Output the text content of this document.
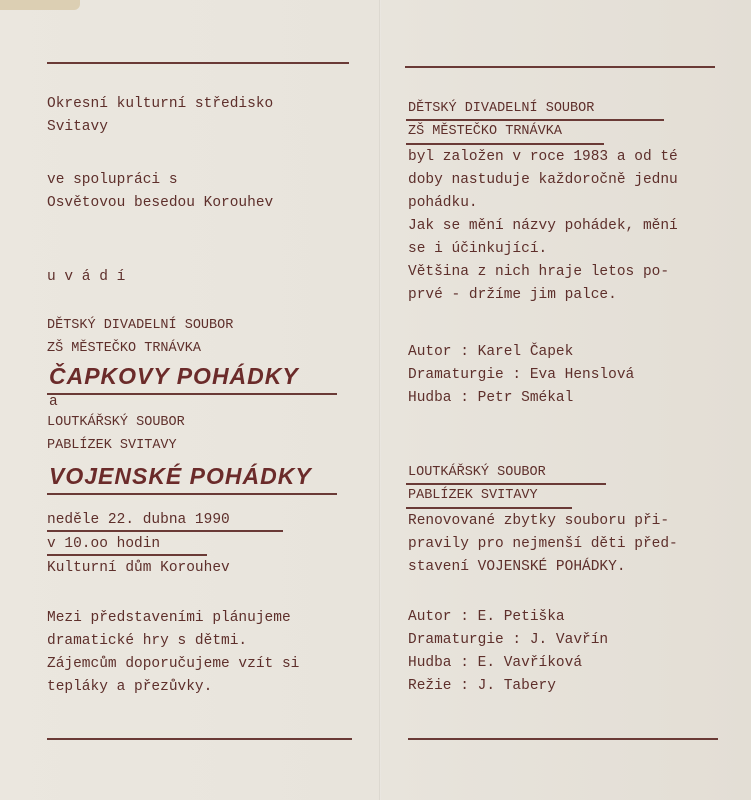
Okresní kulturní středisko
Svitavy
ve spolupráci s
Osvětovou besedou Korouhev
u v á d í
DĚTSKÝ DIVADELNÍ SOUBOR
ZŠ MĚSTEČKO TRNÁVKA
ČAPKOVY POHÁDKY
a
LOUTKÁŘSKÝ SOUBOR
PABLÍZEK SVITAVY
VOJENSKÉ POHÁDKY
neděle 22. dubna 1990
v 10.oo hodin
Kulturní dům Korouhev
Mezi představeními plánujeme
dramatické hry s dětmi.
Zájemcům doporučujeme vzít si
tepláky a přezůvky.
DĚTSKÝ DIVADELNÍ SOUBOR
ZŠ MĚSTEČKO TRNÁVKA
byl založen v roce 1983 a od té
doby nastuduje každoročně jednu
pohádku.
Jak se mění názvy pohádek, mění
se i účinkující.
Většina z nich hraje letos po-
prvé - držíme jim palce.
Autor : Karel Čapek
Dramaturgie : Eva Henslová
Hudba : Petr Smékal
LOUTKÁŘSKÝ SOUBOR
PABLÍZEK SVITAVY
Renovované zbytky souboru při-
pravily pro nejmenší děti před-
stavení VOJENSKÉ POHÁDKY.
Autor : E. Petiška
Dramaturgie : J. Vavřín
Hudba : E. Vavříková
Režie : J. Tabery
